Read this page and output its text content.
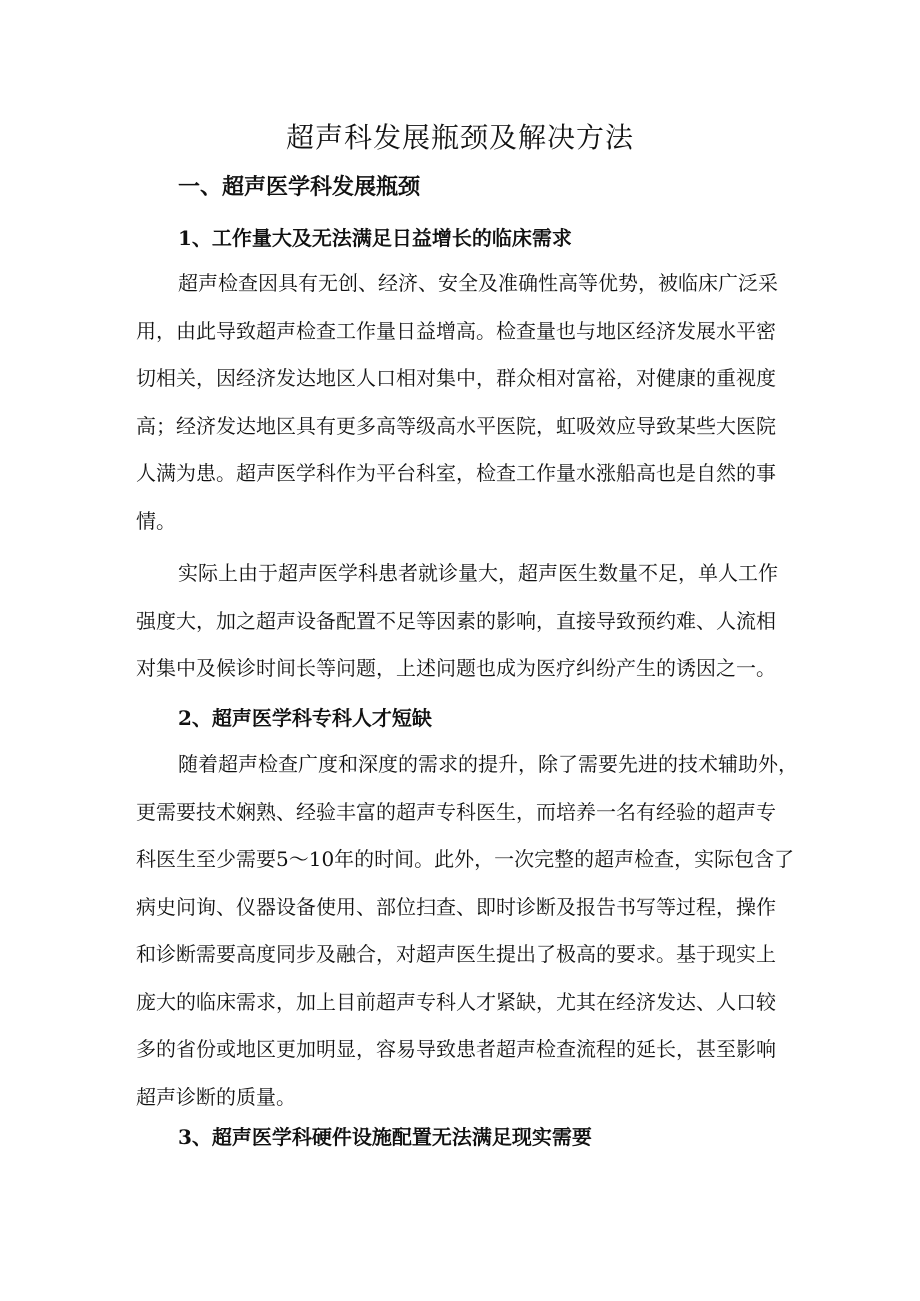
超声科发展瓶颈及解决方法
一、超声医学科发展瓶颈
1、工作量大及无法满足日益增长的临床需求

超声检查因具有无创、经济、安全及准确性高等优势，被临床广泛采
用，由此导致超声检查工作量日益增高。检查量也与地区经济发展水平密
切相关，因经济发达地区人口相对集中，群众相对富裕，对健康的重视度
高；经济发达地区具有更多高等级高水平医院，虹吸效应导致某些大医院
人满为患。超声医学科作为平台科室，检查工作量水涨船高也是自然的事
情。

实际上由于超声医学科患者就诊量大，超声医生数量不足，单人工作
强度大，加之超声设备配置不足等因素的影响，直接导致预约难、人流相
对集中及候诊时间长等问题，上述问题也成为医疗纠纷产生的诱因之一。

2、超声医学科专科人才短缺

随着超声检查广度和深度的需求的提升，除了需要先进的技术辅助外，
更需要技术娴熟、经验丰富的超声专科医生，而培养一名有经验的超声专
科医生至少需要5～10年的时间。此外，一次完整的超声检查，实际包含了
病史问询、仪器设备使用、部位扫查、即时诊断及报告书写等过程，操作
和诊断需要高度同步及融合，对超声医生提出了极高的要求。基于现实上
庞大的临床需求，加上目前超声专科人才紧缺，尤其在经济发达、人口较
多的省份或地区更加明显，容易导致患者超声检查流程的延长，甚至影响
超声诊断的质量。

3、超声医学科硬件设施配置无法满足现实需要
